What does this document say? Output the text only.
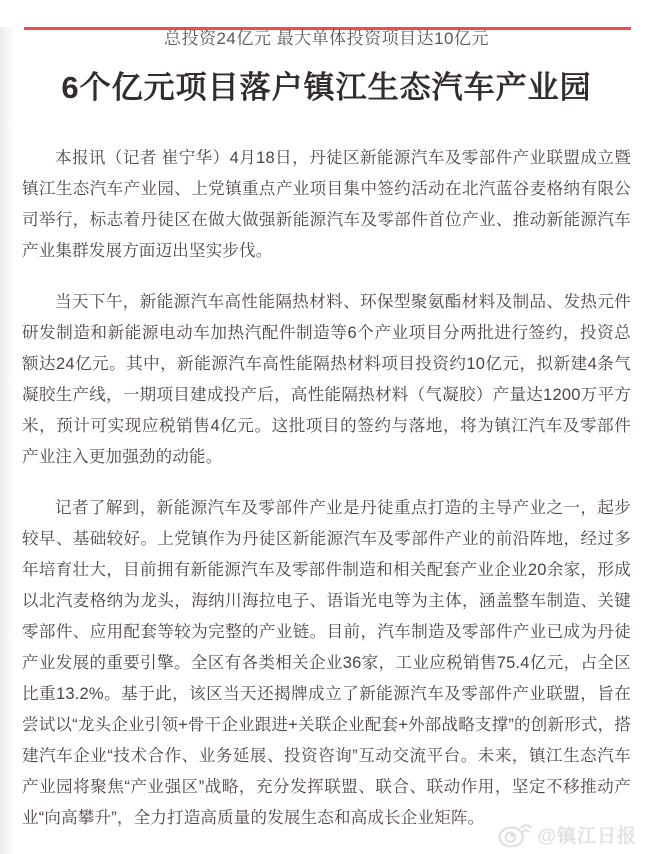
总投资24亿元 最大单体投资项目达10亿元
6个亿元项目落户镇江生态汽车产业园

本报讯（记者 崔宁华）4月18日，丹徒区新能源汽车及零部件产业联盟成立暨镇江生态汽车产业园、上党镇重点产业项目集中签约活动在北汽蓝谷麦格纳有限公司举行，标志着丹徒区在做大做强新能源汽车及零部件首位产业、推动新能源汽车产业集群发展方面迈出坚实步伐。

当天下午，新能源汽车高性能隔热材料、环保型聚氨酯材料及制品、发热元件研发制造和新能源电动车加热汽配件制造等6个产业项目分两批进行签约，投资总额达24亿元。其中，新能源汽车高性能隔热材料项目投资约10亿元，拟新建4条气凝胶生产线，一期项目建成投产后，高性能隔热材料（气凝胶）产量达1200万平方米，预计可实现应税销售4亿元。这批项目的签约与落地，将为镇江汽车及零部件产业注入更加强劲的动能。

记者了解到，新能源汽车及零部件产业是丹徒重点打造的主导产业之一，起步较早、基础较好。上党镇作为丹徒区新能源汽车及零部件产业的前沿阵地，经过多年培育壮大，目前拥有新能源汽车及零部件制造和相关配套产业企业20余家，形成以北汽麦格纳为龙头，海纳川海拉电子、语诣光电等为主体，涵盖整车制造、关键零部件、应用配套等较为完整的产业链。目前，汽车制造及零部件产业已成为丹徒产业发展的重要引擎。全区有各类相关企业36家，工业应税销售75.4亿元，占全区比重13.2%。基于此，该区当天还揭牌成立了新能源汽车及零部件产业联盟，旨在尝试以“龙头企业引领+骨干企业跟进+关联企业配套+外部战略支撑”的创新形式，搭建汽车企业“技术合作、业务延展、投资咨询”互动交流平台。未来，镇江生态汽车产业园将聚焦“产业强区”战略，充分发挥联盟、联合、联动作用，坚定不移推动产业“向高攀升”，全力打造高质量的发展生态和高成长企业矩阵。

@镇江日报
